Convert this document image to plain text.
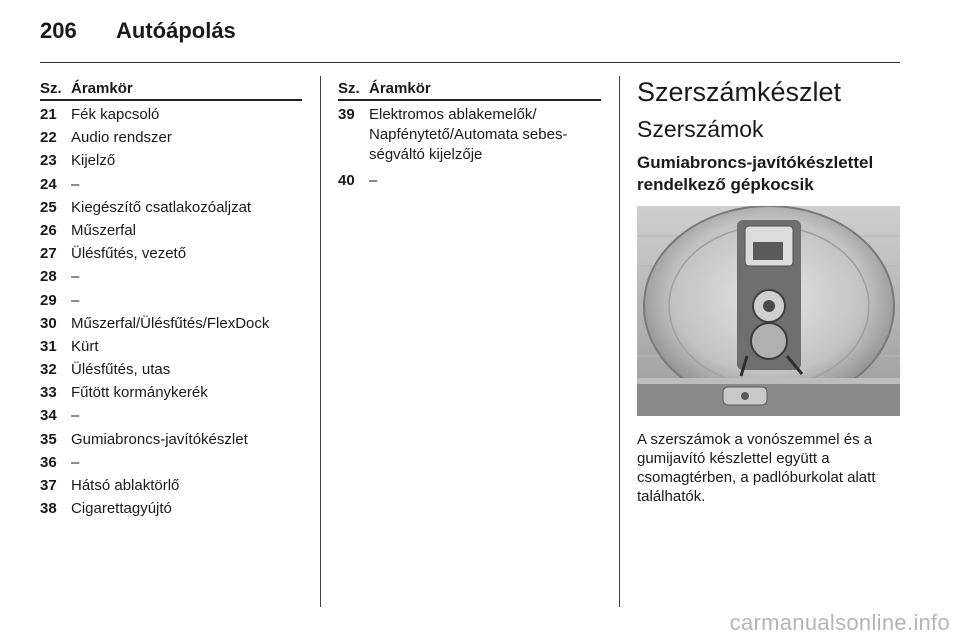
206 Autóápolás
Sz. Áramkör
21 Fék kapcsoló
22 Audio rendszer
23 Kijelző
24 –
25 Kiegészítő csatlakozóaljzat
26 Műszerfal
27 Ülésfűtés, vezető
28 –
29 –
30 Műszerfal/Ülésfűtés/FlexDock
31 Kürt
32 Ülésfűtés, utas
33 Fűtött kormánykerék
34 –
35 Gumiabroncs-javítókészlet
36 –
37 Hátsó ablaktörlő
38 Cigarettagyújtó
Sz. Áramkör
39 Elektromos ablakemelők/ Napfénytető/Automata sebes-ségváltó kijelzője
40 –
Szerszámkészlet
Szerszámok
Gumiabroncs-javítókészlettel rendelkező gépkocsik
A szerszámok a vonószemmel és a gumijavító készlettel együtt a csomagtérben, a padlóburkolat alatt találhatók.
carmanualsonline.info
